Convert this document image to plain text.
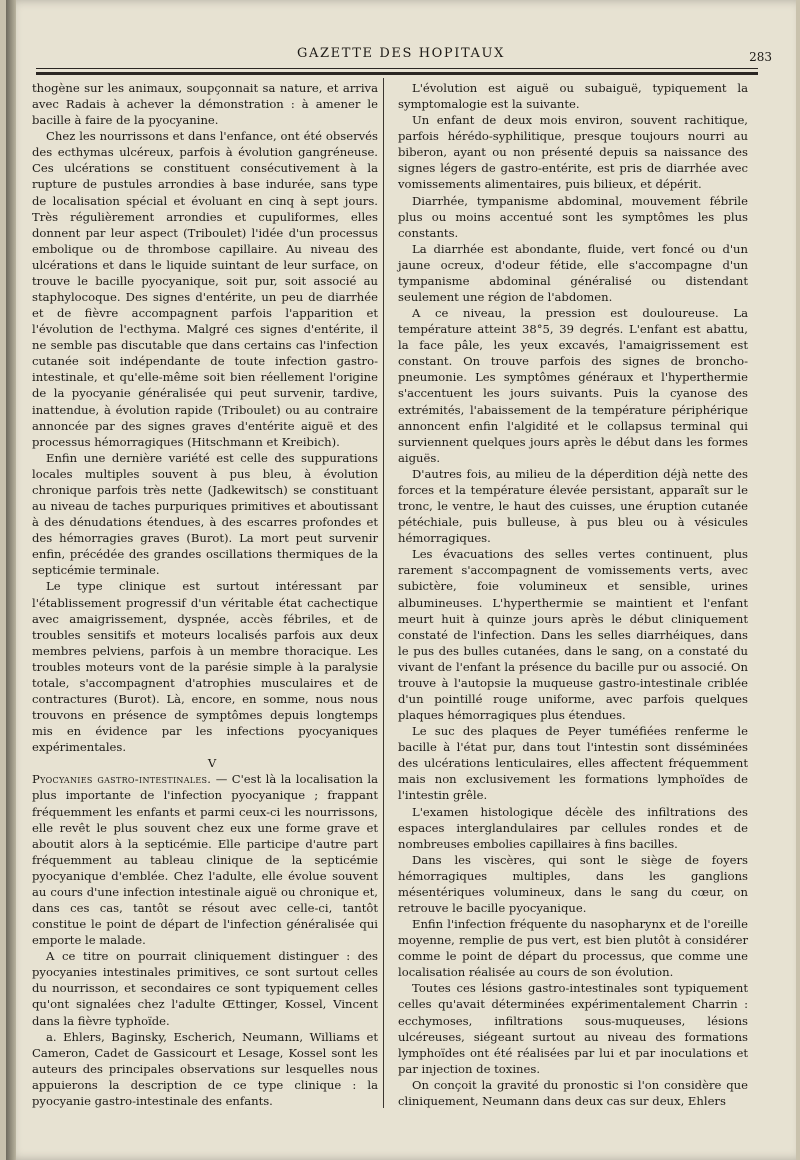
GAZETTE DES HOPITAUX	283

thogène sur les animaux, soupçonnait sa nature, et arriva avec Radais à achever la démonstration : à amener le bacille à faire de la pyocyanine.

Chez les nourrissons et dans l'enfance, ont été observés des ecthymas ulcéreux, parfois à évolution gangréneuse. Ces ulcérations se constituent consécutivement à la rupture de pustules arrondies à base indurée, sans type de localisation spécial et évoluant en cinq à sept jours. Très régulièrement arrondies et cupuliformes, elles donnent par leur aspect (Triboulet) l'idée d'un processus embolique ou de thrombose capillaire. Au niveau des ulcérations et dans le liquide suintant de leur surface, on trouve le bacille pyocyanique, soit pur, soit associé au staphylocoque. Des signes d'entérite, un peu de diarrhée et de fièvre accompagnent parfois l'apparition et l'évolution de l'ecthyma. Malgré ces signes d'entérite, il ne semble pas discutable que dans certains cas l'infection cutanée soit indépendante de toute infection gastro-intestinale, et qu'elle-même soit bien réellement l'origine de la pyocyanie généralisée qui peut survenir, tardive, inattendue, à évolution rapide (Triboulet) ou au contraire annoncée par des signes graves d'entérite aiguë et des processus hémorragiques (Hitschmann et Kreibich).

Enfin une dernière variété est celle des suppurations locales multiples souvent à pus bleu, à évolution chronique parfois très nette (Jadkewitsch) se constituant au niveau de taches purpuriques primitives et aboutissant à des dénudations étendues, à des escarres profondes et des hémorragies graves (Burot). La mort peut survenir enfin, précédée des grandes oscillations thermiques de la septicémie terminale.

Le type clinique est surtout intéressant par l'établissement progressif d'un véritable état cachectique avec amaigrissement, dyspnée, accès fébriles, et de troubles sensitifs et moteurs localisés parfois aux deux membres pelviens, parfois à un membre thoracique. Les troubles moteurs vont de la parésie simple à la paralysie totale, s'accompagnent d'atrophies musculaires et de contractures (Burot). Là, encore, en somme, nous nous trouvons en présence de symptômes depuis longtemps mis en évidence par les infections pyocyaniques expérimentales.

V

Pyocyanies gastro-intestinales. — C'est là la localisation la plus importante de l'infection pyocyanique ; frappant fréquemment les enfants et parmi ceux-ci les nourrissons, elle revêt le plus souvent chez eux une forme grave et aboutit alors à la septicémie. Elle participe d'autre part fréquemment au tableau clinique de la septicémie pyocyanique d'emblée. Chez l'adulte, elle évolue souvent au cours d'une infection intestinale aiguë ou chronique et, dans ces cas, tantôt se résout avec celle-ci, tantôt constitue le point de départ de l'infection généralisée qui emporte le malade.

A ce titre on pourrait cliniquement distinguer : des pyocyanies intestinales primitives, ce sont surtout celles du nourrisson, et secondaires ce sont typiquement celles qu'ont signalées chez l'adulte Œttinger, Kossel, Vincent dans la fièvre typhoïde.

a. Ehlers, Baginsky, Escherich, Neumann, Williams et Cameron, Cadet de Gassicourt et Lesage, Kossel sont les auteurs des principales observations sur lesquelles nous appuierons la description de ce type clinique : la pyocyanie gastro-intestinale des enfants.

L'évolution est aiguë ou subaiguë, typiquement la symptomalogie est la suivante.

Un enfant de deux mois environ, souvent rachitique, parfois hérédo-syphilitique, presque toujours nourri au biberon, ayant ou non présenté depuis sa naissance des signes légers de gastro-entérite, est pris de diarrhée avec vomissements alimentaires, puis bilieux, et dépérit.

Diarrhée, tympanisme abdominal, mouvement fébrile plus ou moins accentué sont les symptômes les plus constants.

La diarrhée est abondante, fluide, vert foncé ou d'un jaune ocreux, d'odeur fétide, elle s'accompagne d'un tympanisme abdominal généralisé ou distendant seulement une région de l'abdomen.

A ce niveau, la pression est douloureuse. La température atteint 38°5, 39 degrés. L'enfant est abattu, la face pâle, les yeux excavés, l'amaigrissement est constant. On trouve parfois des signes de broncho-pneumonie. Les symptômes généraux et l'hyperthermie s'accentuent les jours suivants. Puis la cyanose des extrémités, l'abaissement de la température périphérique annoncent enfin l'algidité et le collapsus terminal qui surviennent quelques jours après le début dans les formes aiguës.

D'autres fois, au milieu de la déperdition déjà nette des forces et la température élevée persistant, apparaît sur le tronc, le ventre, le haut des cuisses, une éruption cutanée pétéchiale, puis bulleuse, à pus bleu ou à vésicules hémorragiques.

Les évacuations des selles vertes continuent, plus rarement s'accompagnent de vomissements verts, avec subictère, foie volumineux et sensible, urines albumineuses. L'hyperthermie se maintient et l'enfant meurt huit à quinze jours après le début cliniquement constaté de l'infection. Dans les selles diarrhéiques, dans le pus des bulles cutanées, dans le sang, on a constaté du vivant de l'enfant la présence du bacille pur ou associé. On trouve à l'autopsie la muqueuse gastro-intestinale criblée d'un pointillé rouge uniforme, avec parfois quelques plaques hémorragiques plus étendues.

Le suc des plaques de Peyer tuméfiées renferme le bacille à l'état pur, dans tout l'intestin sont disséminées des ulcérations lenticulaires, elles affectent fréquemment mais non exclusivement les formations lymphoïdes de l'intestin grêle.

L'examen histologique décèle des infiltrations des espaces interglandulaires par cellules rondes et de nombreuses embolies capillaires à fins bacilles.

Dans les viscères, qui sont le siège de foyers hémorragiques multiples, dans les ganglions mésentériques volumineux, dans le sang du cœur, on retrouve le bacille pyocyanique.

Enfin l'infection fréquente du nasopharynx et de l'oreille moyenne, remplie de pus vert, est bien plutôt à considérer comme le point de départ du processus, que comme une localisation réalisée au cours de son évolution.

Toutes ces lésions gastro-intestinales sont typiquement celles qu'avait déterminées expérimentalement Charrin : ecchymoses, infiltrations sous-muqueuses, lésions ulcéreuses, siégeant surtout au niveau des formations lymphoïdes ont été réalisées par lui et par inoculations et par injection de toxines.

On conçoit la gravité du pronostic si l'on considère que cliniquement, Neumann dans deux cas sur deux, Ehlers
